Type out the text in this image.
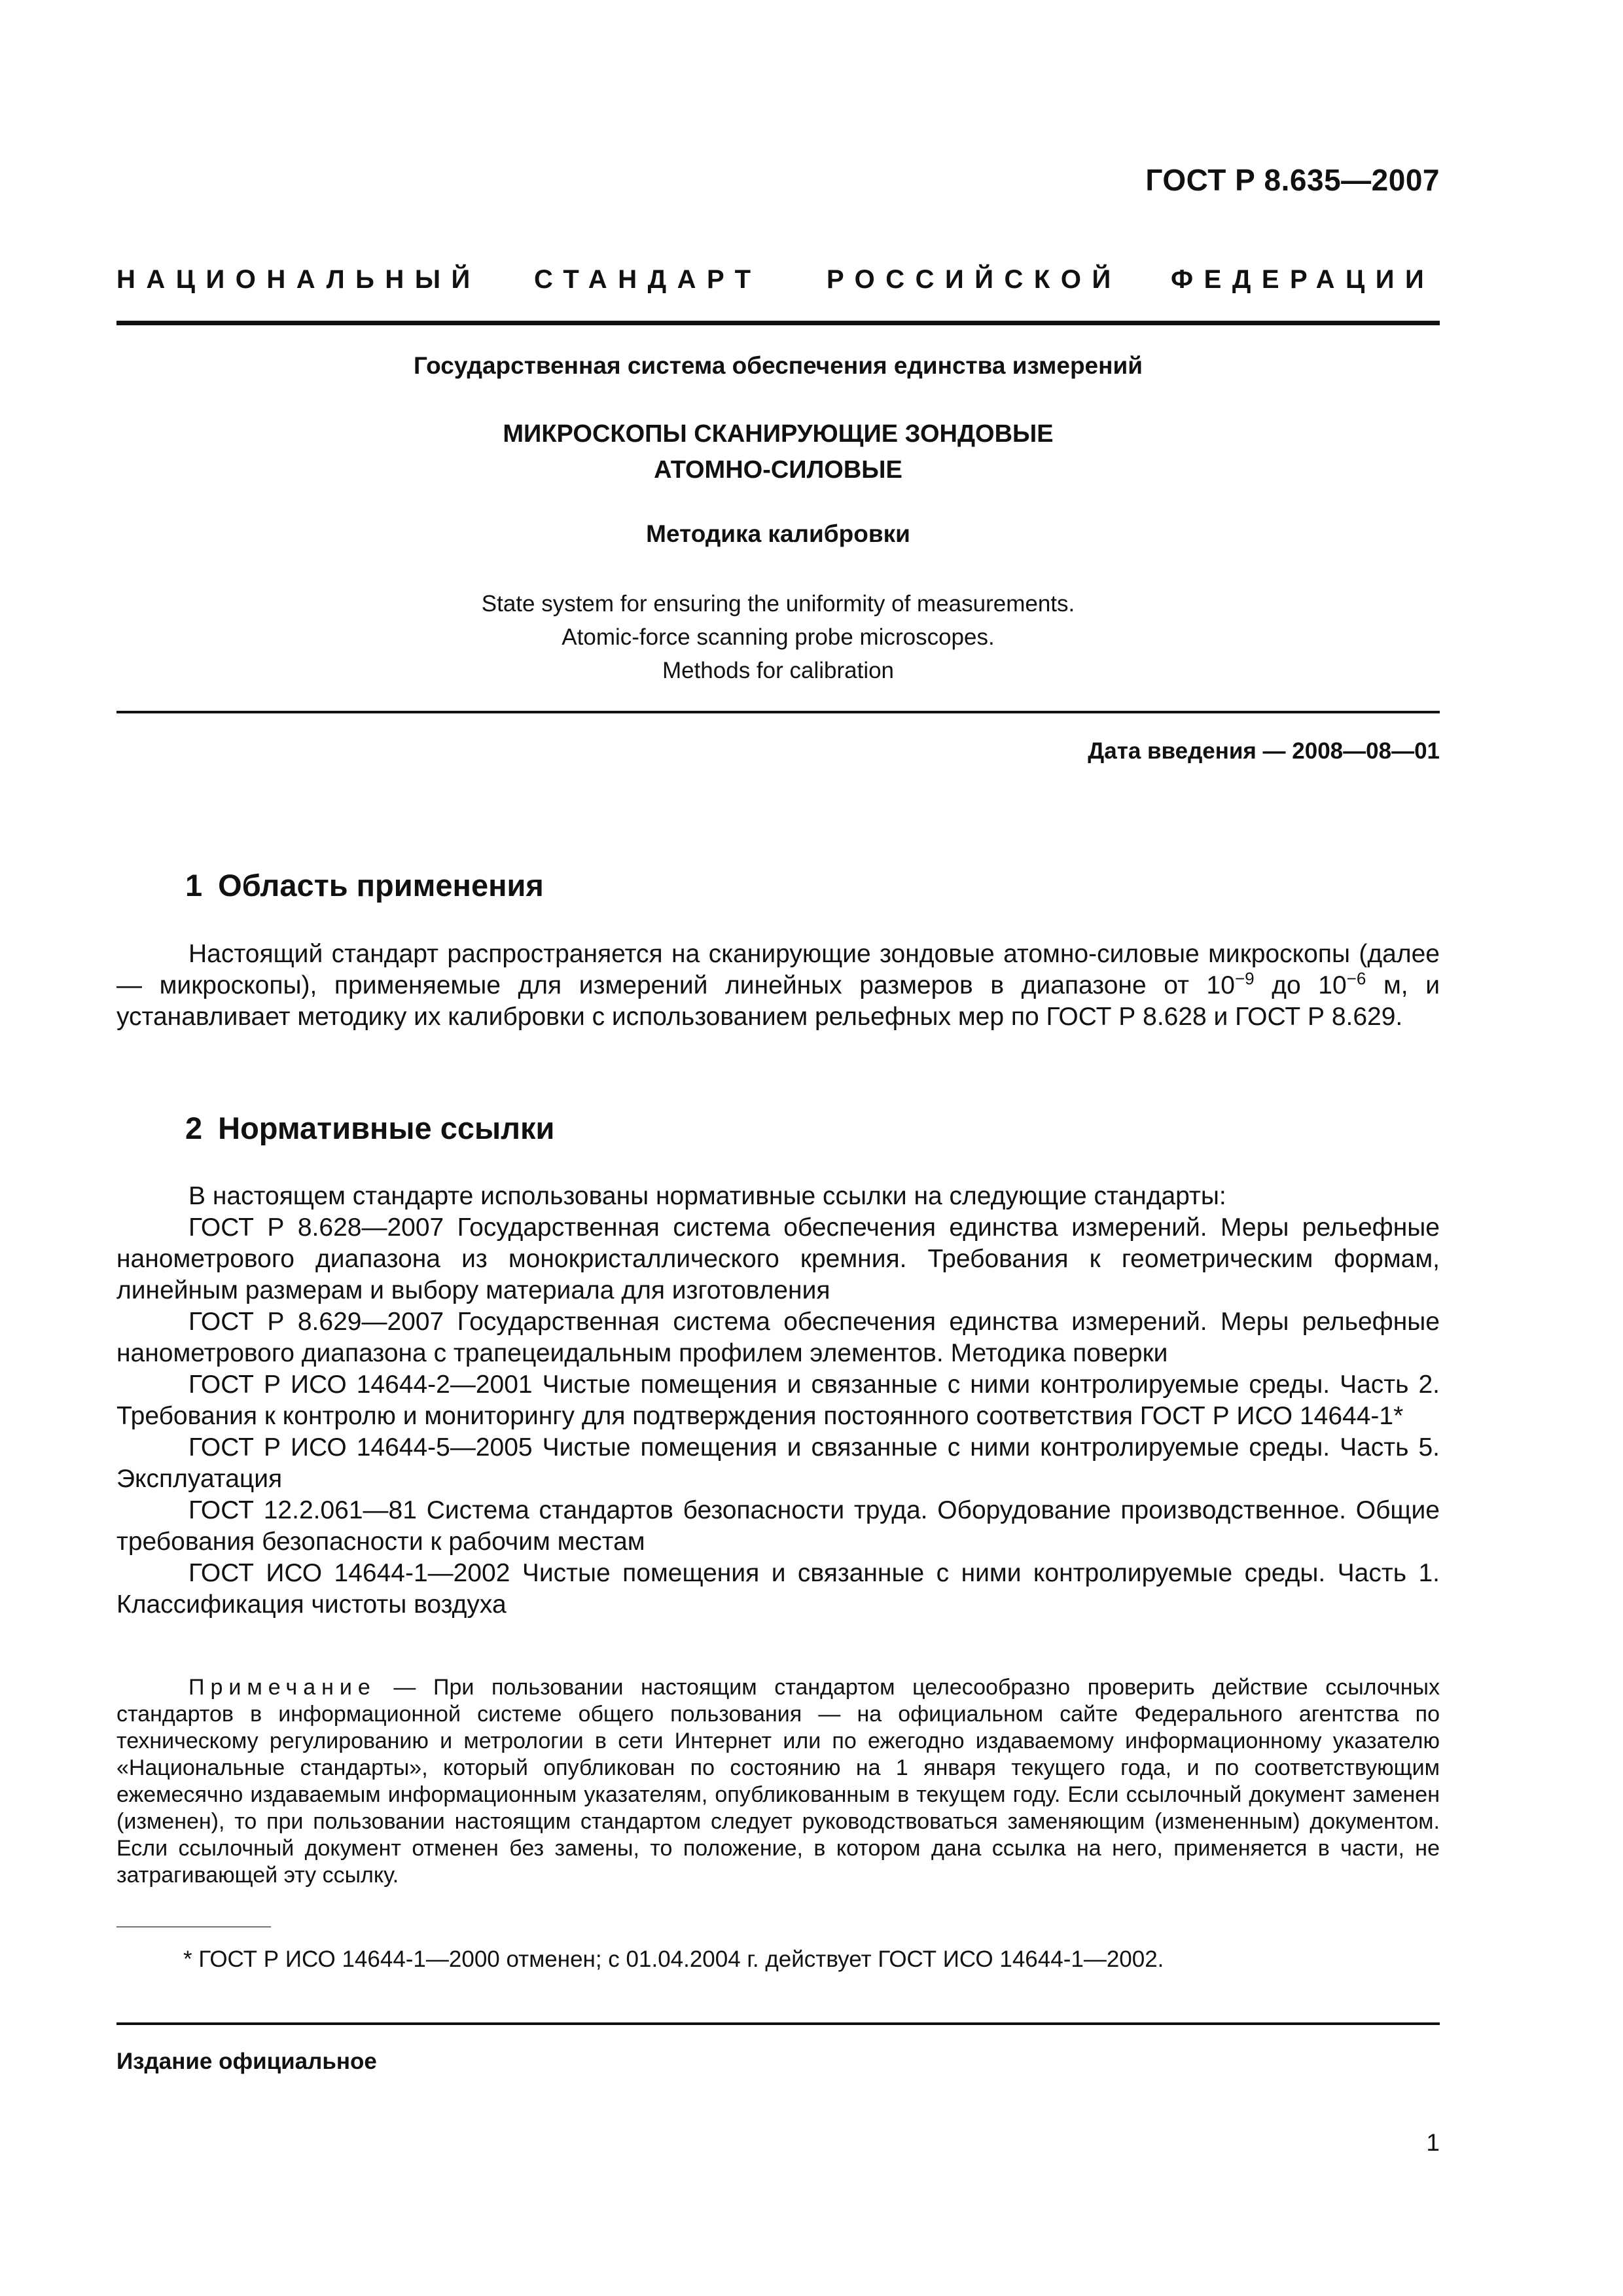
ГОСТ Р 8.635—2007
НАЦИОНАЛЬНЫЙ СТАНДАРТ РОССИЙСКОЙ ФЕДЕРАЦИИ
Государственная система обеспечения единства измерений
МИКРОСКОПЫ СКАНИРУЮЩИЕ ЗОНДОВЫЕ
АТОМНО-СИЛОВЫЕ
Методика калибровки
State system for ensuring the uniformity of measurements.
Atomic-force scanning probe microscopes.
Methods for calibration
Дата введения — 2008—08—01
1 Область применения

Настоящий стандарт распространяется на сканирующие зондовые атомно-силовые микроскопы (далее — микроскопы), применяемые для измерений линейных размеров в диапазоне от $10^{-9}$ до $10^{-6}$ м, и устанавливает методику их калибровки с использованием рельефных мер по ГОСТ Р 8.628 и ГОСТ Р 8.629.

2 Нормативные ссылки

В настоящем стандарте использованы нормативные ссылки на следующие стандарты:

ГОСТ Р 8.628—2007 Государственная система обеспечения единства измерений. Меры рельефные нанометрового диапазона из монокристаллического кремния. Требования к геометрическим формам, линейным размерам и выбору материала для изготовления

ГОСТ Р 8.629—2007 Государственная система обеспечения единства измерений. Меры рельефные нанометрового диапазона с трапецеидальным профилем элементов. Методика поверки

ГОСТ Р ИСО 14644-2—2001 Чистые помещения и связанные с ними контролируемые среды. Часть 2. Требования к контролю и мониторингу для подтверждения постоянного соответствия ГОСТ Р ИСО 14644-1*

ГОСТ Р ИСО 14644-5—2005 Чистые помещения и связанные с ними контролируемые среды. Часть 5. Эксплуатация

ГОСТ 12.2.061—81 Система стандартов безопасности труда. Оборудование производственное. Общие требования безопасности к рабочим местам

ГОСТ ИСО 14644-1—2002 Чистые помещения и связанные с ними контролируемые среды. Часть 1. Классификация чистоты воздуха

Примечание — При пользовании настоящим стандартом целесообразно проверить действие ссылочных стандартов в информационной системе общего пользования — на официальном сайте Федерального агентства по техническому регулированию и метрологии в сети Интернет или по ежегодно издаваемому информационному указателю «Национальные стандарты», который опубликован по состоянию на 1 января текущего года, и по соответствующим ежемесячно издаваемым информационным указателям, опубликованным в текущем году. Если ссылочный документ заменен (изменен), то при пользовании настоящим стандартом следует руководствоваться заменяющим (измененным) документом. Если ссылочный документ отменен без замены, то положение, в котором дана ссылка на него, применяется в части, не затрагивающей эту ссылку.

* ГОСТ Р ИСО 14644-1—2000 отменен; с 01.04.2004 г. действует ГОСТ ИСО 14644-1—2002.
Издание официальное
1
